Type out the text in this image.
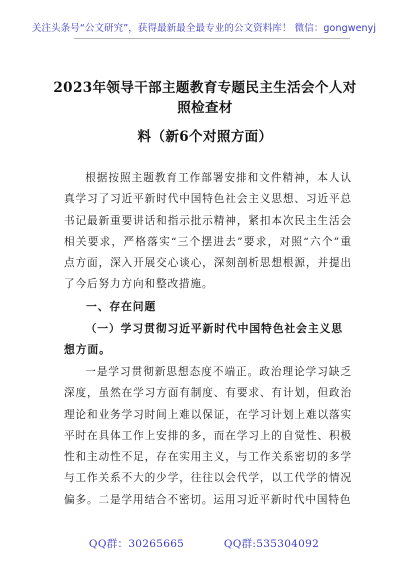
关注头条号“公文研究”，获得最新最全最专业的公文资料库！ 微信：gongwenyj
2023年领导干部主题教育专题民主生活会个人对照检查材
料（新6个对照方面）

根据按照主题教育工作部署安排和文件精神，本人认真学习了习近平新时代中国特色社会主义思想、习近平总书记最新重要讲话和指示批示精神，紧扣本次民主生活会相关要求，严格落实“三个摆进去”要求，对照“六个”重点方面，深入开展交心谈心，深刻剖析思想根源，并提出了今后努力方向和整改措施。

一、存在问题

（一）学习贯彻习近平新时代中国特色社会主义思想方面。

一是学习贯彻新思想态度不端正。政治理论学习缺乏深度，虽然在学习方面有制度、有要求、有计划，但政治理论和业务学习时间上难以保证，在学习计划上难以落实平时在具体工作上安排的多，而在学习上的自觉性、积极性和主动性不足，存在实用主义，与工作关系密切的多学与工作关系不大的少学，往往以会代学，以工代学的情况偏多。二是学用结合不密切。运用习近平新时代中国特色

QQ群：30265665	QQ群:535304092
